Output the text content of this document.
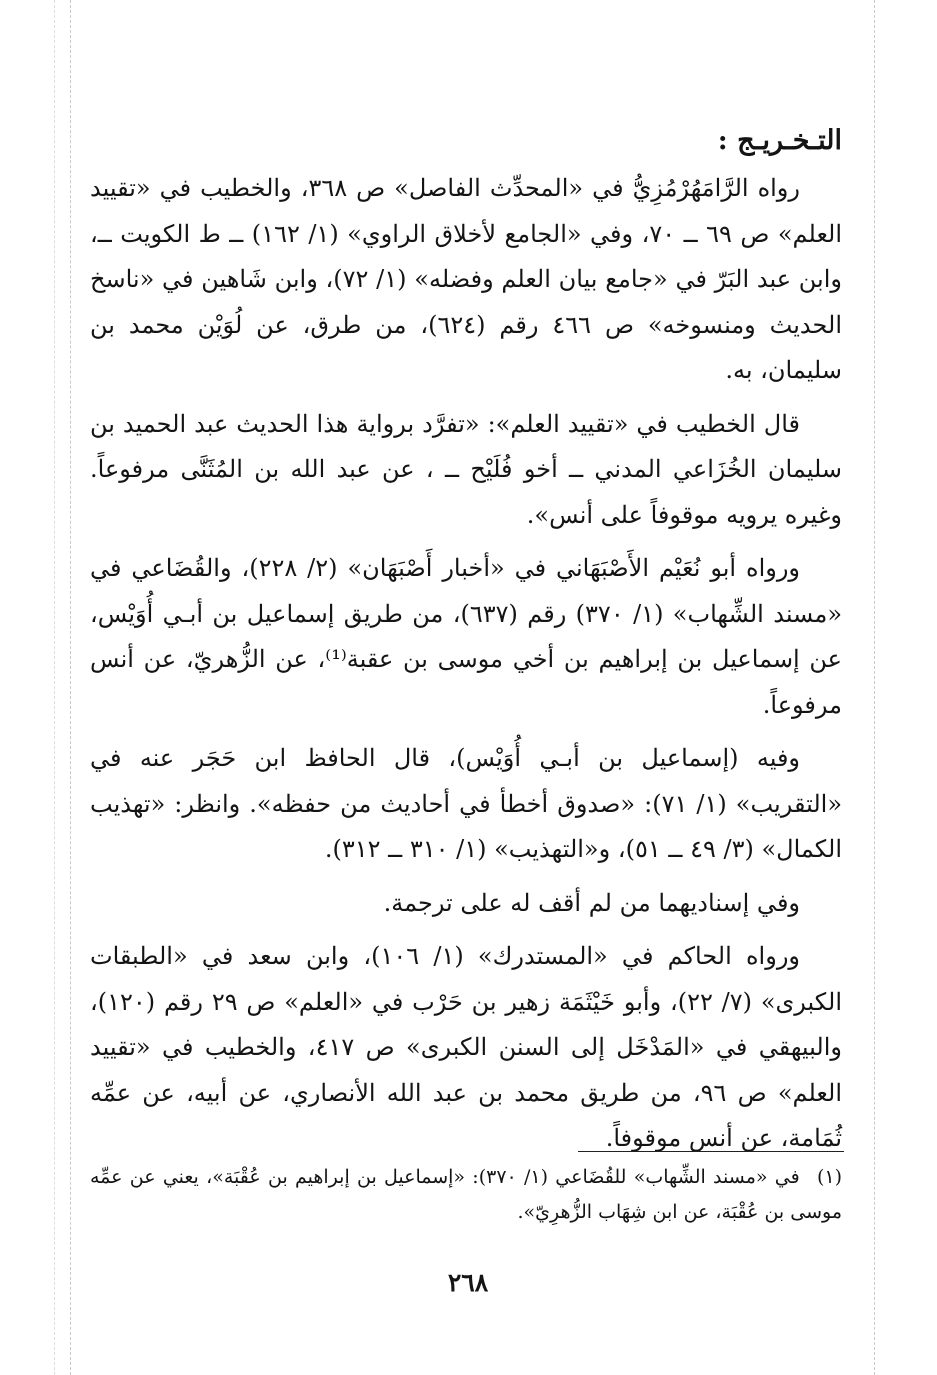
التـخـريـج :

رواه الرَّامَهُرْمُزِيُّ في «المحدِّث الفاصل» ص ٣٦٨، والخطيب في «تقييد العلم» ص ٦٩ ــ ٧٠، وفي «الجامع لأخلاق الراوي» (١/ ١٦٢) ــ ط الكويت ــ، وابن عبد البَرّ في «جامع بيان العلم وفضله» (١/ ٧٢)، وابن شَاهين في «ناسخ الحديث ومنسوخه» ص ٤٦٦ رقم (٦٢٤)، من طرق، عن لُوَيْن محمد بن سليمان، به.

قال الخطيب في «تقييد العلم»: «تفرَّد برواية هذا الحديث عبد الحميد بن سليمان الخُزَاعي المدني ــ أخو فُلَيْح ــ ، عن عبد الله بن المُثَنَّى مرفوعاً. وغيره يرويه موقوفاً على أنس».

ورواه أبو نُعَيْم الأَصْبَهَاني في «أخبار أَصْبَهَان» (٢/ ٢٢٨)، والقُضَاعي في «مسند الشِّهاب» (١/ ٣٧٠) رقم (٦٣٧)، من طريق إسماعيل بن أبـي أُوَيْس، عن إسماعيل بن إبراهيم بن أخي موسى بن عقبة⁽¹⁾، عن الزُّهريّ، عن أنس مرفوعاً.

وفيه (إسماعيل بن أبـي أُوَيْس)، قال الحافظ ابن حَجَر عنه في «التقريب» (١/ ٧١): «صدوق أخطأ في أحاديث من حفظه». وانظر: «تهذيب الكمال» (٣/ ٤٩ ــ ٥١)، و«التهذيب» (١/ ٣١٠ ــ ٣١٢).

وفي إسناديهما من لم أقف له على ترجمة.

ورواه الحاكم في «المستدرك» (١/ ١٠٦)، وابن سعد في «الطبقات الكبرى» (٧/ ٢٢)، وأبو خَيْثَمَة زهير بن حَرْب في «العلم» ص ٢٩ رقم (١٢٠)، والبيهقي في «المَدْخَل إلى السنن الكبرى» ص ٤١٧، والخطيب في «تقييد العلم» ص ٩٦، من طريق محمد بن عبد الله الأنصاري، عن أبيه، عن عمِّه ثُمَامة، عن أنس موقوفاً.

(١) في «مسند الشِّهاب» للقُضَاعي (١/ ٣٧٠): «إسماعيل بن إبراهيم بن عُقْبَة»، يعني عن عمِّه موسى بن عُقْبَة، عن ابن شِهَاب الزُّهرِيّ».
٢٦٨
